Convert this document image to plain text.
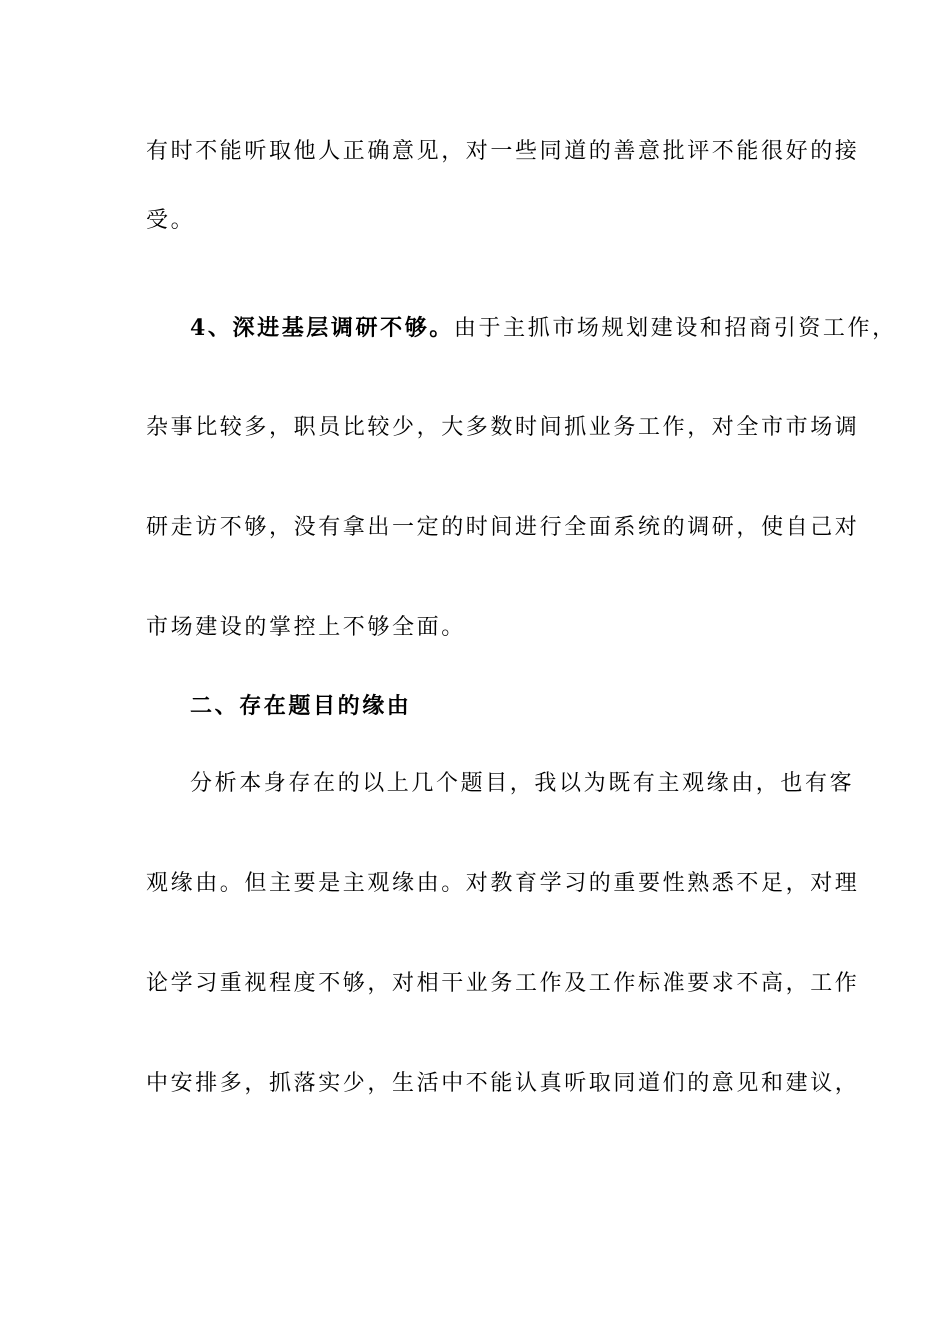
有时不能听取他人正确意见，对一些同道的善意批评不能很好的接
受。
4、深进基层调研不够。由于主抓市场规划建设和招商引资工作，
杂事比较多，职员比较少，大多数时间抓业务工作，对全市市场调
研走访不够，没有拿出一定的时间进行全面系统的调研，使自己对
市场建设的掌控上不够全面。
二、存在题目的缘由
分析本身存在的以上几个题目，我以为既有主观缘由，也有客
观缘由。但主要是主观缘由。对教育学习的重要性熟悉不足，对理
论学习重视程度不够，对相干业务工作及工作标准要求不高，工作
中安排多，抓落实少，生活中不能认真听取同道们的意见和建议，
